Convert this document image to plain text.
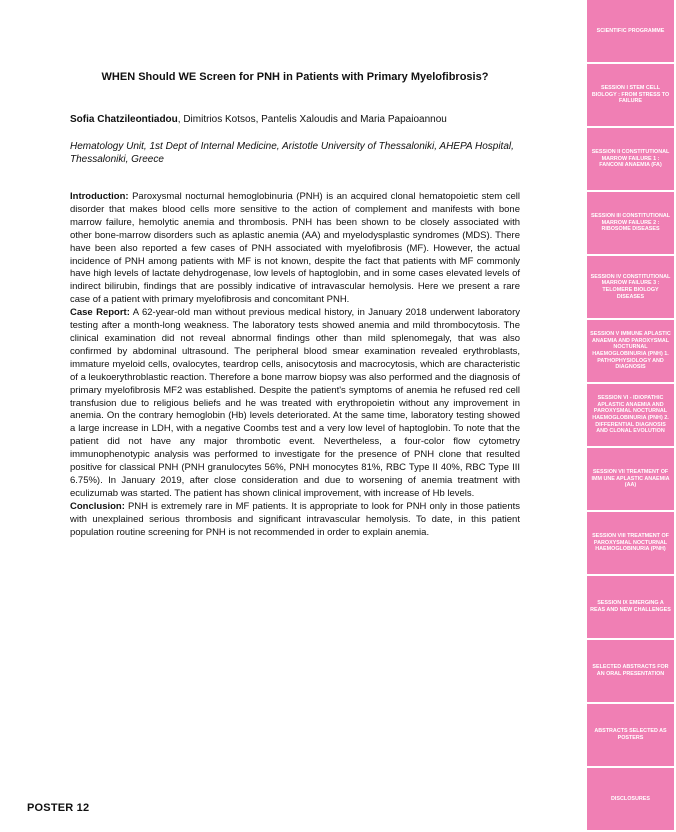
WHEN Should WE Screen for PNH in Patients with Primary Myelofibrosis?
Sofia Chatzileontiadou, Dimitrios Kotsos, Pantelis Xaloudis and Maria Papaioannou
Hematology Unit, 1st Dept of Internal Medicine, Aristotle University of Thessaloniki, AHEPA Hospital, Thessaloniki, Greece

Introduction: Paroxysmal nocturnal hemoglobinuria (PNH) is an acquired clonal hematopoietic stem cell disorder that makes blood cells more sensitive to the action of complement and manifests with bone marrow failure, hemolytic anemia and thrombosis. PNH has been shown to be closely associated with other bone-marrow disorders such as aplastic anemia (AA) and myelodysplastic syndromes (MDS). There have been also reported a few cases of PNH associated with myelofibrosis (MF). However, the actual incidence of PNH among patients with MF is not known, despite the fact that patients with MF commonly have high levels of lactate dehydrogenase, low levels of haptoglobin, and in some cases elevated levels of indirect bilirubin, findings that are possibly indicative of intravascular hemolysis. Here we present a rare case of a patient with primary myelofibrosis and concomitant PNH.

Case Report: A 62-year-old man without previous medical history, in January 2018 underwent laboratory testing after a month-long weakness. The laboratory tests showed anemia and mild thrombocytosis. The clinical examination did not reveal abnormal findings other than mild splenomegaly, that was also confirmed by abdominal ultrasound. The peripheral blood smear examination revealed erythroblasts, immature myeloid cells, ovalocytes, teardrop cells, anisocytosis and macrocytosis, which are characteristic of a leukoerythroblastic reaction. Therefore a bone marrow biopsy was also performed and the diagnosis of primary myelofibrosis MF2 was established. Despite the patient's symptoms of anemia he refused red cell transfusion due to religious beliefs and he was treated with erythropoietin without any improvement in anemia. On the contrary hemoglobin (Hb) levels deteriorated. At the same time, laboratory testing showed a large increase in LDH, with a negative Coombs test and a very low level of haptoglobin. To note that the patient did not have any major thrombotic event. Nevertheless, a four-color flow cytometry immunophenotypic analysis was performed to investigate for the presence of PNH clone that resulted positive for classical PNH (PNH granulocytes 56%, PNH monocytes 81%, RBC Type II 40%, RBC Type III 6.75%). In January 2019, after close consideration and due to worsening of anemia treatment with eculizumab was started. The patient has shown clinical improvement, with increase of Hb levels.

Conclusion: PNH is extremely rare in MF patients. It is appropriate to look for PNH only in those patients with unexplained serious thrombosis and significant intravascular hemolysis. To date, in this patient population routine screening for PNH is not recommended in order to explain anemia.

POSTER 12
SCIENTIFIC PROGRAMME
SESSION I STEM CELL BIOLOGY : FROM STRESS TO FAILURE
SESSION II CONSTITUTIONAL MARROW FAILURE 1 : FANCONI ANAEMIA (FA)
SESSION III CONSTITUTIONAL MARROW FAILURE 2 : RIBOSOME DISEASES
SESSION IV CONSTITUTIONAL MARROW FAILURE 3 : TELOMERE BIOLOGY DISEASES
SESSION V IMMUNE APLASTIC ANAEMIA AND PAROXYSMAL NOCTURNAL HAEMOGLOBINURIA (PNH) 1. PATHOPHYSIOLOGY AND DIAGNOSIS
SESSION VI - IDIOPATHIC APLASTIC ANAEMIA AND PAROXYSMAL NOCTURNAL HAEMOGLOBINURIA (PNH) 2. DIFFERENTIAL DIAGNOSIS AND CLONAL EVOLUTION
SESSION VII TREATMENT OF IMM UNE APLASTIC ANAEMIA (AA)
SESSION VIII TREATMENT OF PAROXYSMAL NOCTURNAL HAEMOGLOBINURIA (PNH)
SESSION IX EMERGING A REAS AND NEW CHALLENGES
SELECTED ABSTRACTS FOR AN ORAL PRESENTATION
ABSTRACTS SELECTED AS POSTERS
DISCLOSURES
